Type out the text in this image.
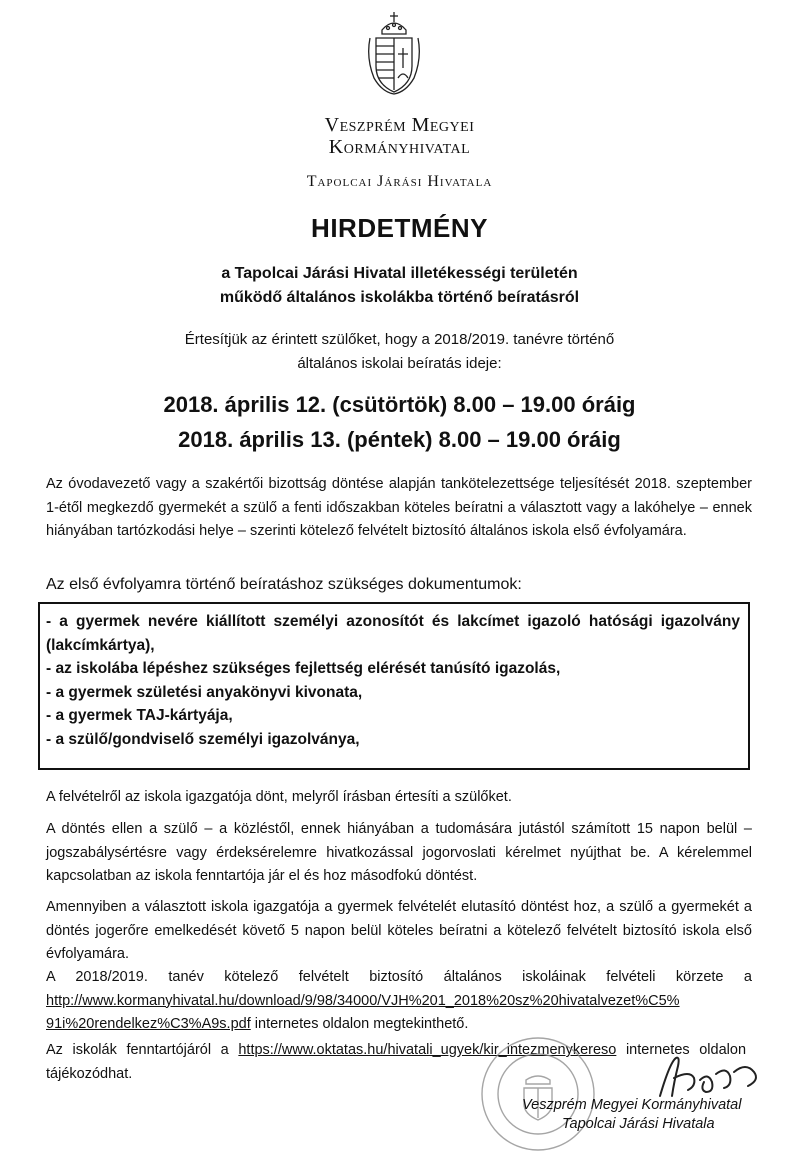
Veszprém Megyei
Kormányhivatal
Tapolcai Járási Hivatala
HIRDETMÉNY
a Tapolcai Járási Hivatal illetékességi területén
működő általános iskolákba történő beíratásról
Értesítjük az érintett szülőket, hogy a 2018/2019. tanévre történő
általános iskolai beíratás ideje:
2018. április 12. (csütörtök) 8.00 – 19.00 óráig
2018. április 13. (péntek) 8.00 – 19.00 óráig
Az óvodavezető vagy a szakértői bizottság döntése alapján tankötelezettsége teljesítését 2018. szeptember 1-étől megkezdő gyermekét a szülő a fenti időszakban köteles beíratni a választott vagy a lakóhelye – ennek hiányában tartózkodási helye – szerinti kötelező felvételt biztosító általános iskola első évfolyamára.
Az első évfolyamra történő beíratáshoz szükséges dokumentumok:
- a gyermek nevére kiállított személyi azonosítót és lakcímet igazoló hatósági igazolvány (lakcímkártya),
- az iskolába lépéshez szükséges fejlettség elérését tanúsító igazolás,
- a gyermek születési anyakönyvi kivonata,
- a gyermek TAJ-kártyája,
- a szülő/gondviselő személyi igazolványa,
A felvételről az iskola igazgatója dönt, melyről írásban értesíti a szülőket.
A döntés ellen a szülő – a közléstől, ennek hiányában a tudomására jutástól számított 15 napon belül – jogszabálysértésre vagy érdeksérelemre hivatkozással jogorvoslati kérelmet nyújthat be. A kérelemmel kapcsolatban az iskola fenntartója jár el és hoz másodfokú döntést.
Amennyiben a választott iskola igazgatója a gyermek felvételét elutasító döntést hoz, a szülő a gyermekét a döntés jogerőre emelkedését követő 5 napon belül köteles beíratni a kötelező felvételt biztosító iskola első évfolyamára.
A 2018/2019. tanév kötelező felvételt biztosító általános iskoláinak felvételi körzete a
http://www.kormanyhivatal.hu/download/9/98/34000/VJH%201_2018%20sz%20hivatalvezet%C5%
91i%20rendelkez%C3%A9s.pdf internetes oldalon megtekinthető.
Az iskolák fenntartójáról a https://www.oktatas.hu/hivatali_ugyek/kir_intezmenykereso internetes oldalon tájékozódhat.
Veszprém Megyei Kormányhivatal
Tapolcai Járási Hivatala
